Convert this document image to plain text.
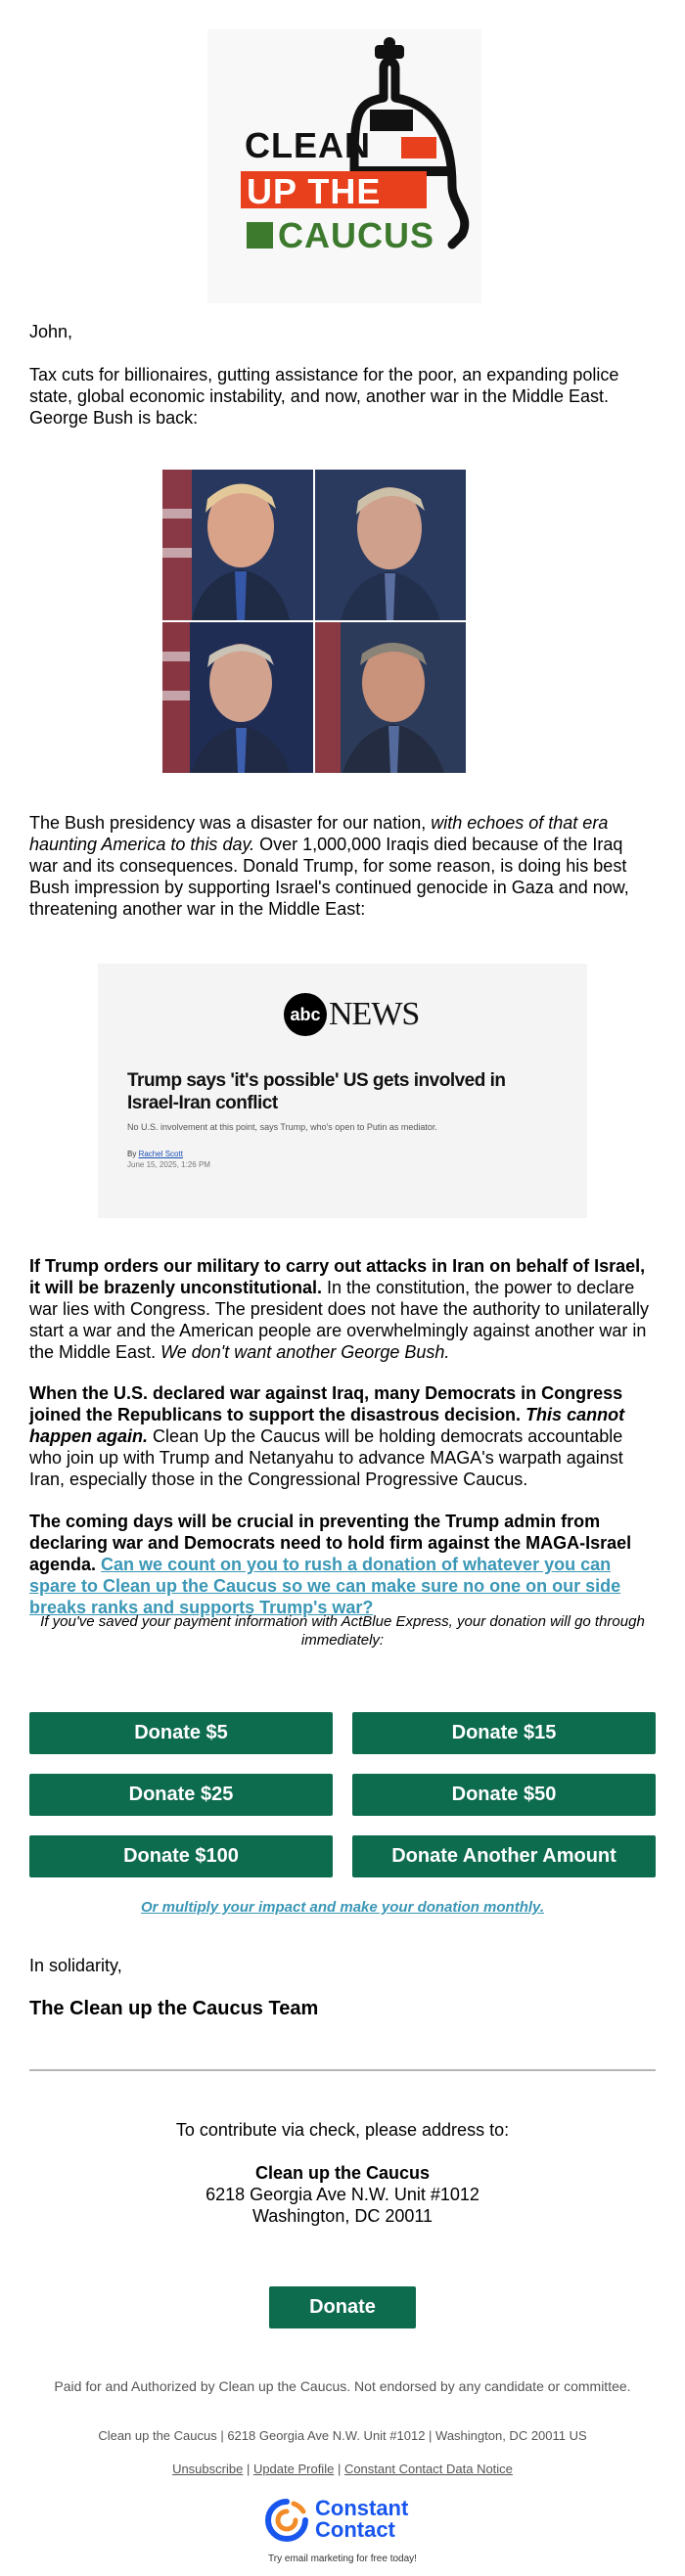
CLEAN
UP THE
CAUCUS

John,

Tax cuts for billionaires, gutting assistance for the poor, an expanding police state, global economic instability, and now, another war in the Middle East. George Bush is back:

The Bush presidency was a disaster for our nation, with echoes of that era haunting America to this day. Over 1,000,000 Iraqis died because of the Iraq war and its consequences. Donald Trump, for some reason, is doing his best Bush impression by supporting Israel's continued genocide in Gaza and now, threatening another war in the Middle East:

abc NEWS
Trump says 'it's possible' US gets involved in Israel-Iran conflict
No U.S. involvement at this point, says Trump, who's open to Putin as mediator.
By Rachel Scott
June 15, 2025, 1:26 PM

If Trump orders our military to carry out attacks in Iran on behalf of Israel, it will be brazenly unconstitutional. In the constitution, the power to declare war lies with Congress. The president does not have the authority to unilaterally start a war and the American people are overwhelmingly against another war in the Middle East. We don't want another George Bush.

When the U.S. declared war against Iraq, many Democrats in Congress joined the Republicans to support the disastrous decision. This cannot happen again. Clean Up the Caucus will be holding democrats accountable who join up with Trump and Netanyahu to advance MAGA's warpath against Iran, especially those in the Congressional Progressive Caucus.

The coming days will be crucial in preventing the Trump admin from declaring war and Democrats need to hold firm against the MAGA-Israel agenda. Can we count on you to rush a donation of whatever you can spare to Clean up the Caucus so we can make sure no one on our side breaks ranks and supports Trump's war?

If you've saved your payment information with ActBlue Express, your donation will go through immediately:

Donate $5	Donate $15
Donate $25	Donate $50
Donate $100	Donate Another Amount

Or multiply your impact and make your donation monthly.

In solidarity,

The Clean up the Caucus Team

To contribute via check, please address to:

Clean up the Caucus

6218 Georgia Ave N.W. Unit #1012

Washington, DC 20011

Donate

Paid for and Authorized by Clean up the Caucus. Not endorsed by any candidate or committee.

Clean up the Caucus | 6218 Georgia Ave N.W. Unit #1012 | Washington, DC 20011 US
Unsubscribe | Update Profile | Constant Contact Data Notice
Constant
Contact
Try email marketing for free today!
